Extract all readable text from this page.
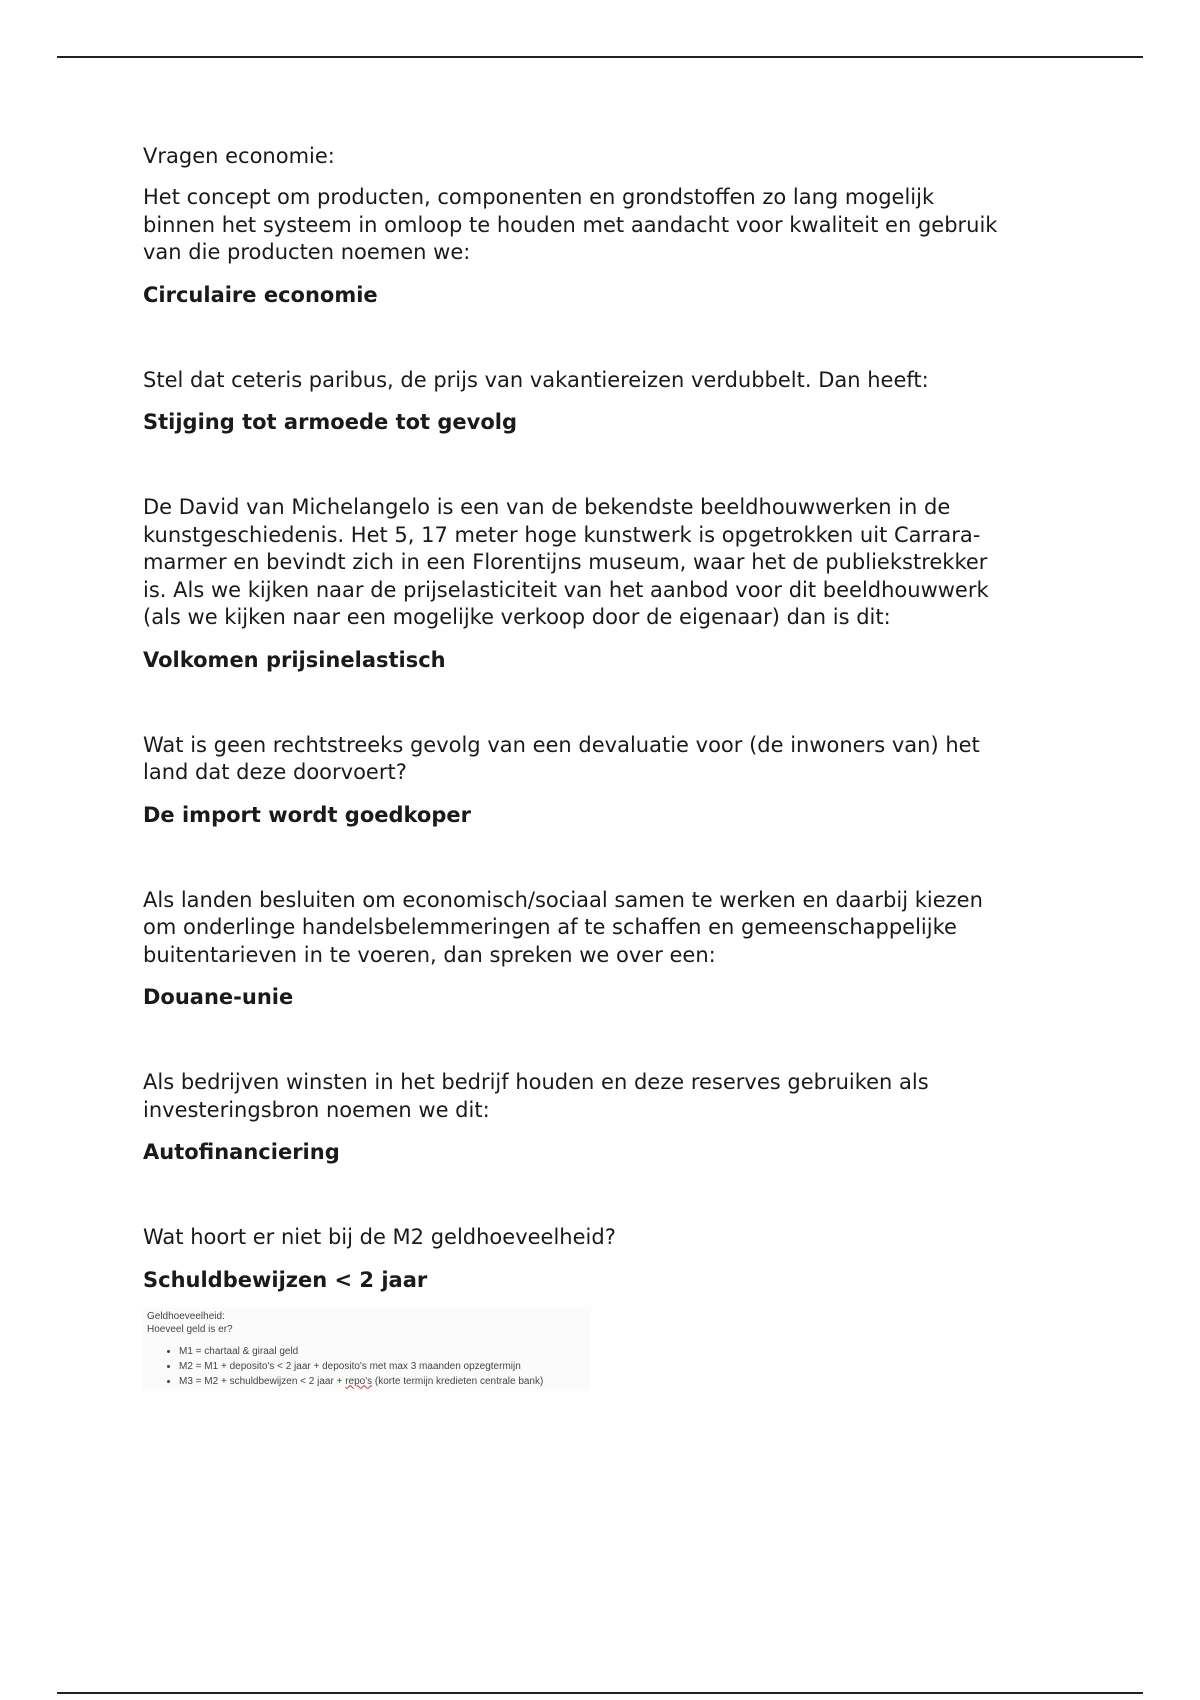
Vragen economie:

Het concept om producten, componenten en grondstoffen zo lang mogelijk
binnen het systeem in omloop te houden met aandacht voor kwaliteit en gebruik
van die producten noemen we:

Circulaire economie

Stel dat ceteris paribus, de prijs van vakantiereizen verdubbelt. Dan heeft:

Stijging tot armoede tot gevolg

De David van Michelangelo is een van de bekendste beeldhouwwerken in de
kunstgeschiedenis. Het 5, 17 meter hoge kunstwerk is opgetrokken uit Carrara-
marmer en bevindt zich in een Florentijns museum, waar het de publiekstrekker
is. Als we kijken naar de prijselasticiteit van het aanbod voor dit beeldhouwwerk
(als we kijken naar een mogelijke verkoop door de eigenaar) dan is dit:

Volkomen prijsinelastisch

Wat is geen rechtstreeks gevolg van een devaluatie voor (de inwoners van) het
land dat deze doorvoert?

De import wordt goedkoper

Als landen besluiten om economisch/sociaal samen te werken en daarbij kiezen
om onderlinge handelsbelemmeringen af te schaffen en gemeenschappelijke
buitentarieven in te voeren, dan spreken we over een:

Douane-unie

Als bedrijven winsten in het bedrijf houden en deze reserves gebruiken als
investeringsbron noemen we dit:

Autofinanciering

Wat hoort er niet bij de M2 geldhoeveelheid?

Schuldbewijzen < 2 jaar

Geldhoeveelheid:
Hoeveel geld is er?
• M1 = chartaal & giraal geld
• M2 = M1 + deposito's < 2 jaar + deposito's met max 3 maanden opzegtermijn
• M3 = M2 + schuldbewijzen < 2 jaar + repo's (korte termijn kredieten centrale bank)
